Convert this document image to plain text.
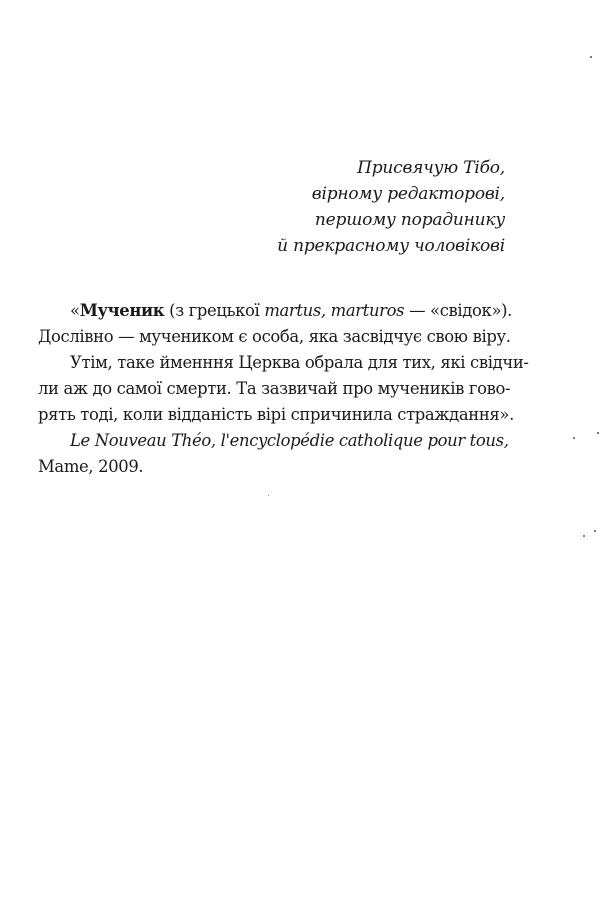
Присвячую Тібо,
вірному редакторові,
першому порадинику
й прекрасному чоловікові
«Мученик (з грецької martus, marturos — «свідок»).
Дослівно — мучеником є особа, яка засвідчує свою віру.
Утім, таке йменння Церква обрала для тих, які свідчи-
ли аж до самої смерти. Та зазвичай про мучеників гово-
рять тоді, коли відданість вірі спричинила страждання».
Le Nouveau Théo, l'encyclopédie catholique pour tous,
Mame, 2009.
